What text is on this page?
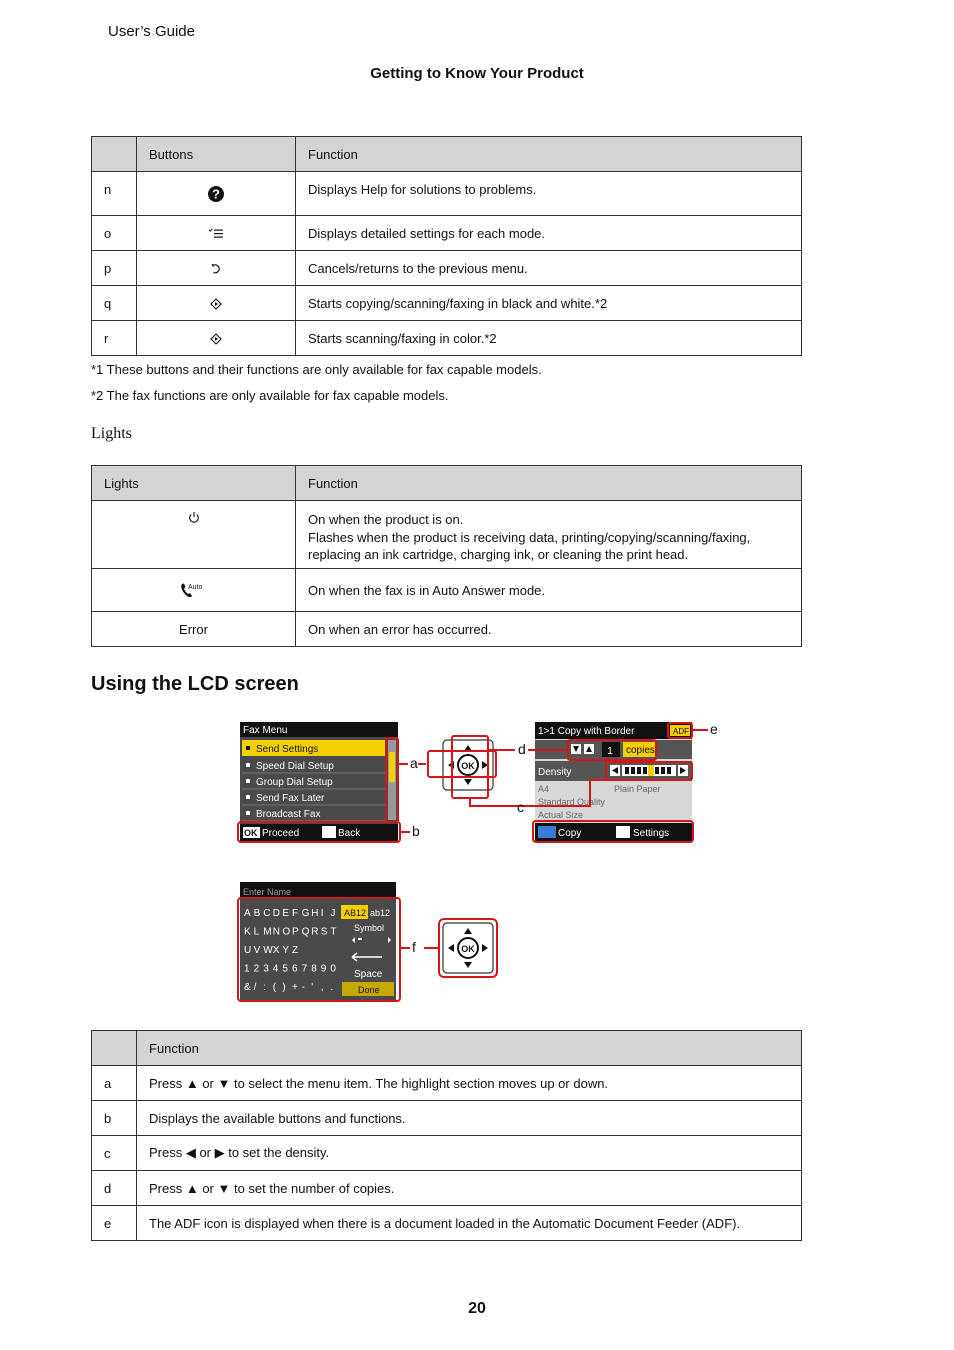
User’s Guide
Getting to Know Your Product
	Buttons	Function
n	?	Displays Help for solutions to problems.
o		Displays detailed settings for each mode.
p		Cancels/returns to the previous menu.
q		Starts copying/scanning/faxing in black and white.*2
r		Starts scanning/faxing in color.*2
*1 These buttons and their functions are only available for fax capable models.
*2 The fax functions are only available for fax capable models.
Lights
Lights	Function

On when the product is on.
Flashes when the product is receiving data, printing/copying/scanning/faxing,
replacing an ink cartridge, charging ink, or cleaning the print head.

Auto	On when the fax is in Auto Answer mode.

Error	On when an error has occurred.
Using the LCD screen
Fax Menu
Send Settings
Speed Dial Setup
Group Dial Setup
Send Fax Later
Broadcast Fax
OK Proceed	Back
a
b
OK
d
c
1>1 Copy with Border	ADF
1 copies
Density
A4	Plain Paper
Standard Quality
Actual Size
Copy	Settings
e
Enter Name
A B C D E F G H I J
K L M N O P Q R S T
U V W X Y Z
1 2 3 4 5 6 7 8 9 0
& / : ( ) + - ' , .
AB12 ab12
Symbol
Space
Done
f	OK
	Function
a	Press ▲ or ▼ to select the menu item. The highlight section moves up or down.
b	Displays the available buttons and functions.
c	Press ◀ or ▶ to set the density.
d	Press ▲ or ▼ to set the number of copies.
e	The ADF icon is displayed when there is a document loaded in the Automatic Document Feeder (ADF).
20
